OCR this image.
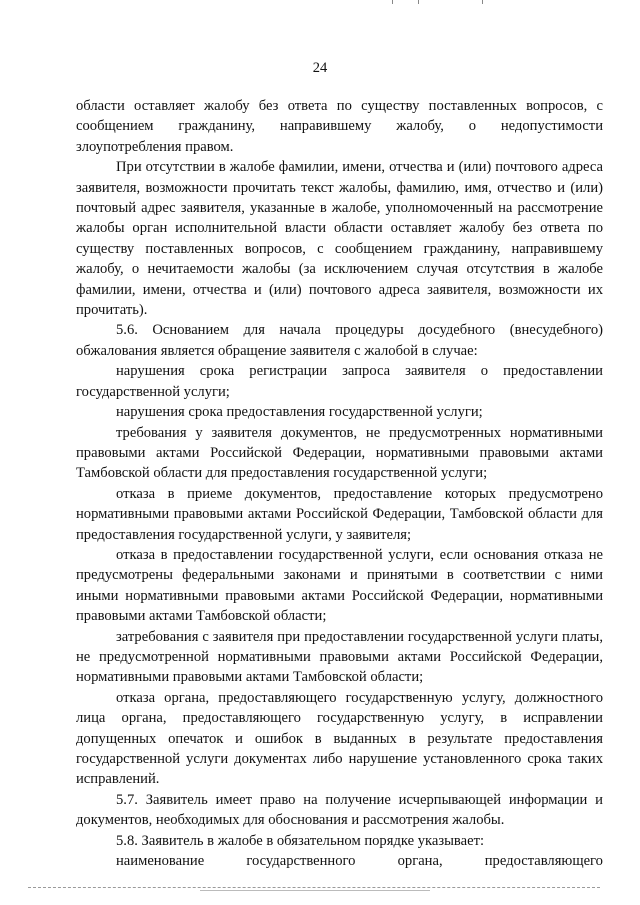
24

области оставляет жалобу без ответа по существу поставленных вопросов, с сообщением гражданину, направившему жалобу, о недопустимости злоупотребления правом.

При отсутствии в жалобе фамилии, имени, отчества и (или) почтового адреса заявителя, возможности прочитать текст жалобы, фамилию, имя, отчество и (или) почтовый адрес заявителя, указанные в жалобе, уполномоченный на рассмотрение жалобы орган исполнительной власти области оставляет жалобу без ответа по существу поставленных вопросов, с сообщением гражданину, направившему жалобу, о нечитаемости жалобы (за исключением случая отсутствия в жалобе фамилии, имени, отчества и (или) почтового адреса заявителя, возможности их прочитать).

5.6. Основанием для начала процедуры досудебного (внесудебного) обжалования является обращение заявителя с жалобой в случае:

нарушения срока регистрации запроса заявителя о предоставлении государственной услуги;

нарушения срока предоставления государственной услуги;

требования у заявителя документов, не предусмотренных нормативными правовыми актами Российской Федерации, нормативными правовыми актами Тамбовской области для предоставления государственной услуги;

отказа в приеме документов, предоставление которых предусмотрено нормативными правовыми актами Российской Федерации, Тамбовской области для предоставления государственной услуги, у заявителя;

отказа в предоставлении государственной услуги, если основания отказа не предусмотрены федеральными законами и принятыми в соответствии с ними иными нормативными правовыми актами Российской Федерации, нормативными правовыми актами Тамбовской области;

затребования с заявителя при предоставлении государственной услуги платы, не предусмотренной нормативными правовыми актами Российской Федерации, нормативными правовыми актами Тамбовской области;

отказа органа, предоставляющего государственную услугу, должностного лица органа, предоставляющего государственную услугу, в исправлении допущенных опечаток и ошибок в выданных в результате предоставления государственной услуги документах либо нарушение установленного срока таких исправлений.

5.7. Заявитель имеет право на получение исчерпывающей информации и документов, необходимых для обоснования и рассмотрения жалобы.

5.8. Заявитель в жалобе в обязательном порядке указывает:

наименование	государственного	органа,	предоставляющего
